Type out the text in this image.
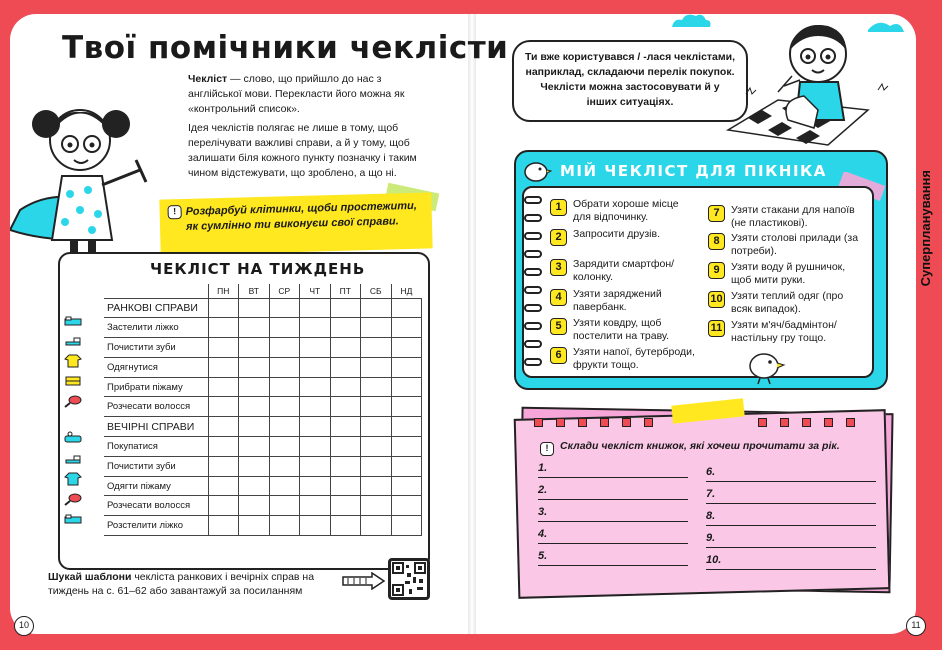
Твої помічники чеклісти

Чекліст — слово, що прийшло до нас з англійської мови. Перекласти його можна як «контрольний список».

Ідея чеклістів полягає не лише в тому, щоб перелічувати важливі справи, а й у тому, щоб залишати біля кожного пункту позначку і таким чином відстежувати, що зроблено, а що ні.

! Розфарбуй клітинки, щоби простежити, як сумлінно ти виконуєш свої справи.
ЧЕКЛІСТ НА ТИЖДЕНЬ
	ПН	ВТ	СР	ЧТ	ПТ	СБ	НД
РАНКОВІ СПРАВИ							
Застелити ліжко							
Почистити зуби							
Одягнутися							
Прибрати піжаму							
Розчесати волосся							
ВЕЧІРНІ СПРАВИ							
Покупатися							
Почистити зуби							
Одягти піжаму							
Розчесати волосся							
Розстелити ліжко							
Шукай шаблони чекліста ранкових і вечірніх справ на тиждень на с. 61–62 або завантажуй за посиланням
10	11
Ти вже користувався / -лася чеклістами, наприклад, складаючи перелік покупок. Чеклісти можна застосовувати й у інших ситуаціях.
Суперпланування
МІЙ ЧЕКЛІСТ ДЛЯ ПІКНІКА
1	Обрати хороше місце для відпочинку.
2	Запросити друзів.
3	Зарядити смартфон/колонку.
4	Узяти заряджений павербанк.
5	Узяти ковдру, щоб постелити на траву.
6	Узяти напої, бутерброди, фрукти тощо.
7	Узяти стакани для напоїв (не пластикові).
8	Узяти столові прилади (за потреби).
9	Узяти воду й рушничок, щоб мити руки.
10 Узяти теплий одяг (про всяк випадок).
11 Узяти м'яч/бадмінтон/настільну гру тощо.
! Склади чекліст книжок, які хочеш прочитати за рік.
1.
2.
3.
4.
5.
6.
7.
8.
9.
10.
